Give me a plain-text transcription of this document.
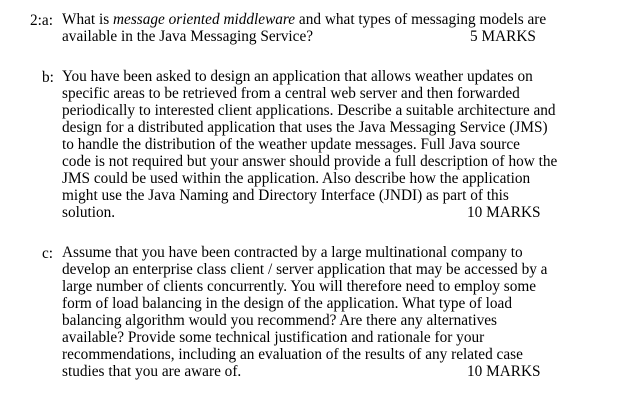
2:a: What is message oriented middleware and what types of messaging models are
available in the Java Messaging Service?	5 MARKS
b: You have been asked to design an application that allows weather updates on
specific areas to be retrieved from a central web server and then forwarded
periodically to interested client applications. Describe a suitable architecture and
design for a distributed application that uses the Java Messaging Service (JMS)
to handle the distribution of the weather update messages. Full Java source
code is not required but your answer should provide a full description of how the
JMS could be used within the application. Also describe how the application
might use the Java Naming and Directory Interface (JNDI) as part of this
solution.	10 MARKS
c: Assume that you have been contracted by a large multinational company to
develop an enterprise class client / server application that may be accessed by a
large number of clients concurrently. You will therefore need to employ some
form of load balancing in the design of the application. What type of load
balancing algorithm would you recommend? Are there any alternatives
available? Provide some technical justification and rationale for your
recommendations, including an evaluation of the results of any related case
studies that you are aware of.	10 MARKS
